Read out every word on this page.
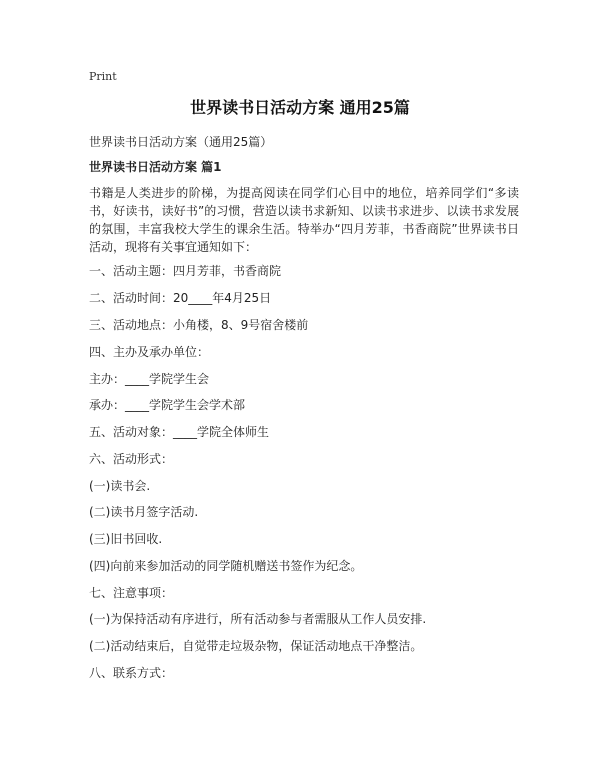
Print
世界读书日活动方案 通用25篇
世界读书日活动方案（通用25篇）
世界读书日活动方案 篇1
书籍是人类进步的阶梯，为提高阅读在同学们心目中的地位，培养同学们“多读书，好读书，读好书”的习惯，营造以读书求新知、以读书求进步、以读书求发展的氛围，丰富我校大学生的课余生活。特举办“四月芳菲，书香商院”世界读书日活动，现将有关事宜通知如下：
一、活动主题：四月芳菲，书香商院
二、活动时间：20____年4月25日
三、活动地点：小角楼，8、9号宿舍楼前
四、主办及承办单位：
主办：____学院学生会
承办：____学院学生会学术部
五、活动对象：____学院全体师生
六、活动形式：
(一)读书会.
(二)读书月签字活动.
(三)旧书回收.
(四)向前来参加活动的同学随机赠送书签作为纪念。
七、注意事项：
(一)为保持活动有序进行，所有活动参与者需服从工作人员安排.
(二)活动结束后，自觉带走垃圾杂物，保证活动地点干净整洁。
八、联系方式：
